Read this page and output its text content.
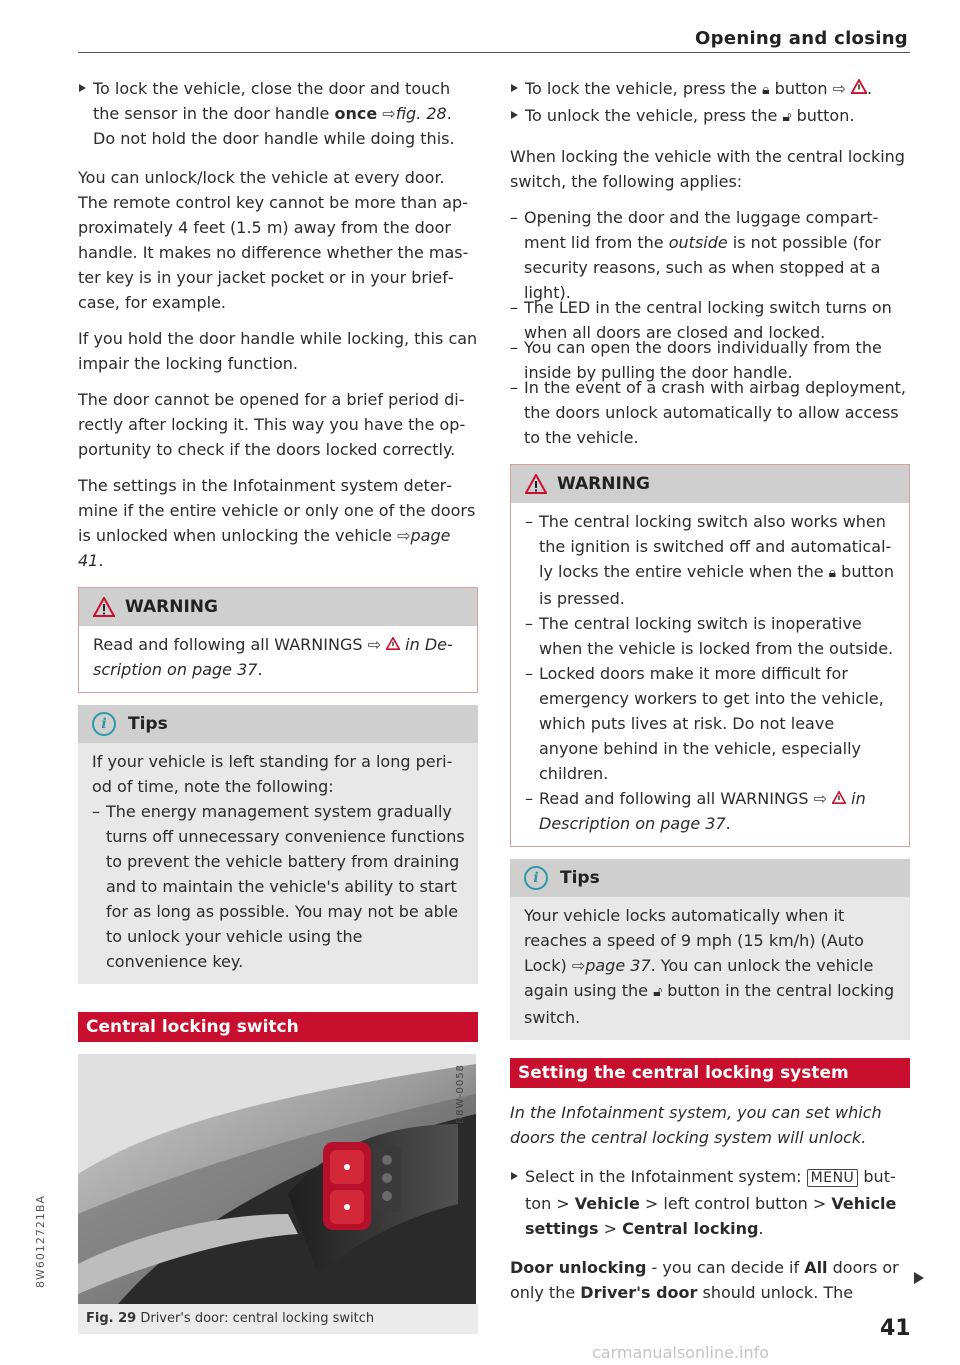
Opening and closing

To lock the vehicle, close the door and touch the sensor in the door handle once ⇨fig. 28. Do not hold the door handle while doing this.

You can unlock/lock the vehicle at every door. The remote control key cannot be more than approximately 4 feet (1.5 m) away from the door handle. It makes no difference whether the master key is in your jacket pocket or in your briefcase, for example.

If you hold the door handle while locking, this can impair the locking function.

The door cannot be opened for a brief period directly after locking it. This way you have the opportunity to check if the doors locked correctly.

The settings in the Infotainment system determine if the entire vehicle or only one of the doors is unlocked when unlocking the vehicle ⇨page 41.

WARNING
Read and following all WARNINGS ⇨ in Description on page 37.
i	Tips

If your vehicle is left standing for a long period of time, note the following:

– The energy management system gradually turns off unnecessary convenience functions to prevent the vehicle battery from draining and to maintain the vehicle's ability to start for as long as possible. You may not be able to unlock your vehicle using the convenience key.

Central locking switch
B8W-0058
Fig. 29 Driver's door: central locking switch

To lock the vehicle, press the 🔒︎ button ⇨ .

To unlock the vehicle, press the 🔓︎ button.

When locking the vehicle with the central locking switch, the following applies:

– Opening the door and the luggage compartment lid from the outside is not possible (for security reasons, such as when stopped at a light).

– The LED in the central locking switch turns on when all doors are closed and locked.

– You can open the doors individually from the inside by pulling the door handle.

– In the event of a crash with airbag deployment, the doors unlock automatically to allow access to the vehicle.

WARNING

– The central locking switch also works when the ignition is switched off and automatically locks the entire vehicle when the 🔒︎ button is pressed.

– The central locking switch is inoperative when the vehicle is locked from the outside.

– Locked doors make it more difficult for emergency workers to get into the vehicle, which puts lives at risk. Do not leave anyone behind in the vehicle, especially children.

– Read and following all WARNINGS ⇨ in Description on page 37.

i	Tips
Your vehicle locks automatically when it reaches a speed of 9 mph (15 km/h) (Auto Lock) ⇨page 37. You can unlock the vehicle again using the 🔓︎ button in the central locking switch.
Setting the central locking system

In the Infotainment system, you can set which doors the central locking system will unlock.

Select in the Infotainment system: MENU button > Vehicle > left control button > Vehicle settings > Central locking.

Door unlocking - you can decide if All doors or only the Driver's door should unlock. The

8W6012721BA
41
carmanualsonline.info
